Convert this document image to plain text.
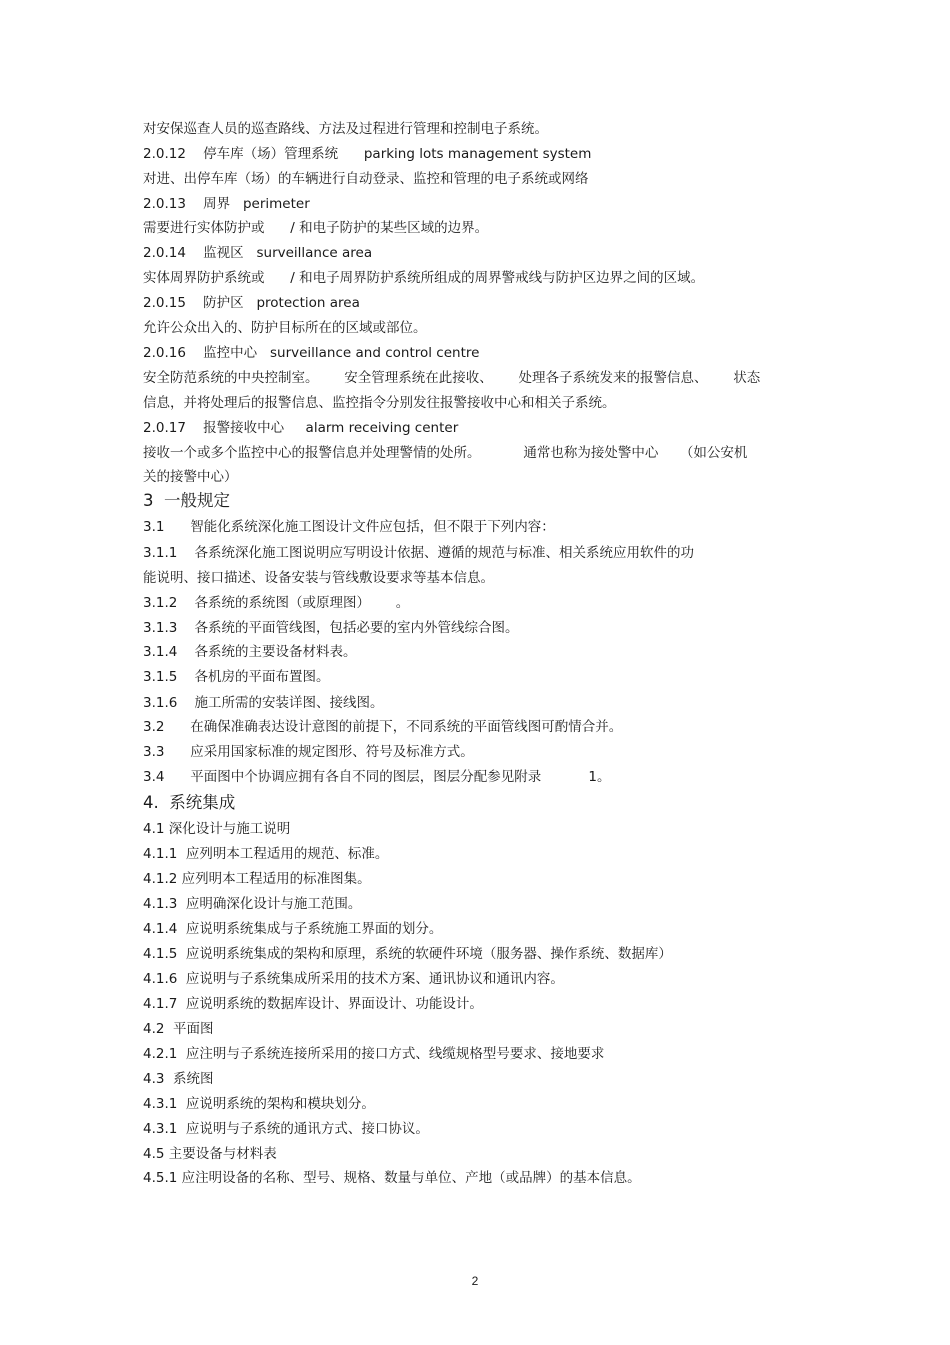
对安保巡查人员的巡查路线、方法及过程进行管理和控制电子系统。
2.0.12    停车库（场）管理系统      parking lots management system
对进、出停车库（场）的车辆进行自动登录、监控和管理的电子系统或网络
2.0.13    周界   perimeter
需要进行实体防护或      / 和电子防护的某些区域的边界。
2.0.14    监视区   surveillance area
实体周界防护系统或      / 和电子周界防护系统所组成的周界警戒线与防护区边界之间的区域。
2.0.15    防护区   protection area
允许公众出入的、防护目标所在的区域或部位。
2.0.16    监控中心   surveillance and control centre
安全防范系统的中央控制室。      安全管理系统在此接收、      处理各子系统发来的报警信息、      状态
信息，并将处理后的报警信息、监控指令分别发往报警接收中心和相关子系统。
2.0.17    报警接收中心     alarm receiving center
接收一个或多个监控中心的报警信息并处理警情的处所。          通常也称为接处警中心     （如公安机
关的接警中心）
3  一般规定
3.1      智能化系统深化施工图设计文件应包括，但不限于下列内容：
3.1.1    各系统深化施工图说明应写明设计依据、遵循的规范与标准、相关系统应用软件的功
能说明、接口描述、设备安装与管线敷设要求等基本信息。
3.1.2    各系统的系统图（或原理图）      。
3.1.3    各系统的平面管线图，包括必要的室内外管线综合图。
3.1.4    各系统的主要设备材料表。
3.1.5    各机房的平面布置图。
3.1.6    施工所需的安装详图、接线图。
3.2      在确保准确表达设计意图的前提下，不同系统的平面管线图可酌情合并。
3.3      应采用国家标准的规定图形、符号及标准方式。
3.4      平面图中个协调应拥有各自不同的图层，图层分配参见附录           1。
4.  系统集成
4.1 深化设计与施工说明
4.1.1  应列明本工程适用的规范、标准。
4.1.2 应列明本工程适用的标准图集。
4.1.3  应明确深化设计与施工范围。
4.1.4  应说明系统集成与子系统施工界面的划分。
4.1.5  应说明系统集成的架构和原理，系统的软硬件环境（服务器、操作系统、数据库）
4.1.6  应说明与子系统集成所采用的技术方案、通讯协议和通讯内容。
4.1.7  应说明系统的数据库设计、界面设计、功能设计。
4.2  平面图
4.2.1  应注明与子系统连接所采用的接口方式、线缆规格型号要求、接地要求
4.3  系统图
4.3.1  应说明系统的架构和模块划分。
4.3.1  应说明与子系统的通讯方式、接口协议。
4.5 主要设备与材料表
4.5.1 应注明设备的名称、型号、规格、数量与单位、产地（或品牌）的基本信息。
2
